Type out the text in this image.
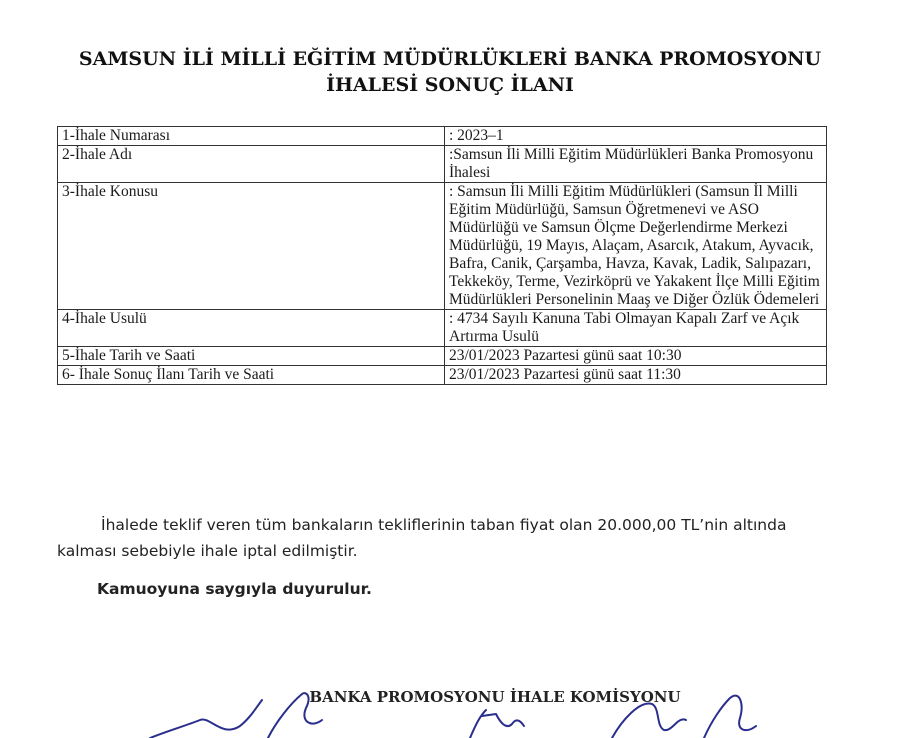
SAMSUN İLİ MİLLİ EĞİTİM MÜDÜRLÜKLERİ BANKA PROMOSYONU
İHALESİ SONUÇ İLANI
1-İhale Numarası	: 2023–1
2-İhale Adı	:Samsun İli Milli Eğitim Müdürlükleri Banka Promosyonu İhalesi
3-İhale Konusu	: Samsun İli Milli Eğitim Müdürlükleri (Samsun İl Milli Eğitim Müdürlüğü, Samsun Öğretmenevi ve ASO Müdürlüğü ve Samsun Ölçme Değerlendirme Merkezi Müdürlüğü, 19 Mayıs, Alaçam, Asarcık, Atakum, Ayvacık, Bafra, Canik, Çarşamba, Havza, Kavak, Ladik, Salıpazarı, Tekkeköy, Terme, Vezirköprü ve Yakakent İlçe Milli Eğitim Müdürlükleri Personelinin Maaş ve Diğer Özlük Ödemeleri
4-İhale Usulü	: 4734 Sayılı Kanuna Tabi Olmayan Kapalı Zarf ve Açık Artırma Usulü
5-İhale Tarih ve Saati	23/01/2023 Pazartesi günü saat 10:30
6- İhale Sonuç İlanı Tarih ve Saati	23/01/2023 Pazartesi günü saat 11:30
İhalede teklif veren tüm bankaların tekliflerinin taban fiyat olan 20.000,00 TL’nin altında kalması sebebiyle ihale iptal edilmiştir.
Kamuoyuna saygıyla duyurulur.
BANKA PROMOSYONU İHALE KOMİSYONU
